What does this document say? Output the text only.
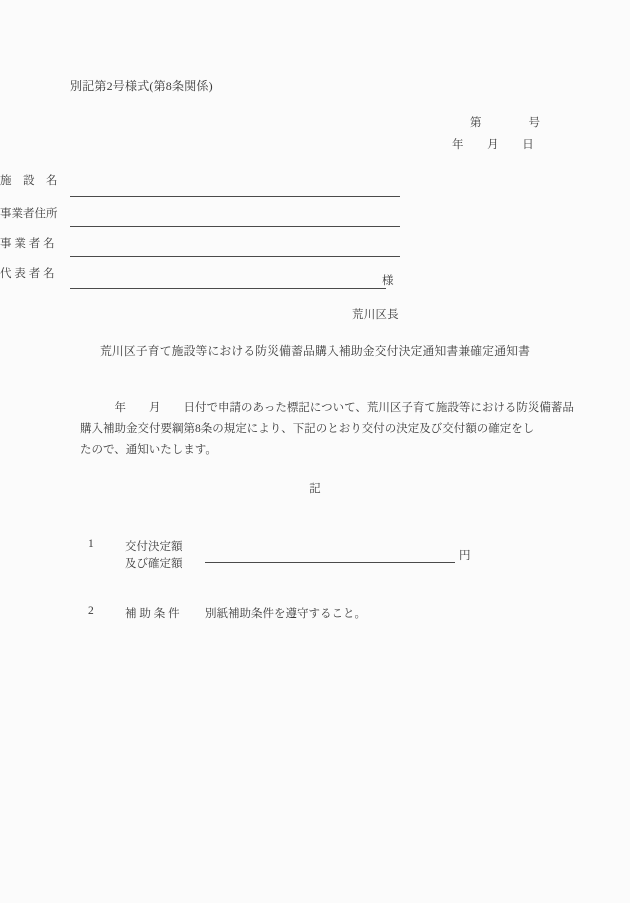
別記第2号様式(第8条関係)
第　　　　号
年　　月　　日
施　設　名
事業者住所
事 業 者 名
代 表 者 名
様
荒川区長
荒川区子育て施設等における防災備蓄品購入補助金交付決定通知書兼確定通知書
　　　年　　月　　日付で申請のあった標記について、荒川区子育て施設等における防災備蓄品
購入補助金交付要綱第8条の規定により、下記のとおり交付の決定及び交付額の確定をし
たので、通知いたします。
記
1	交付決定額
及び確定額
円
2	補 助 条 件 別紙補助条件を遵守すること。
